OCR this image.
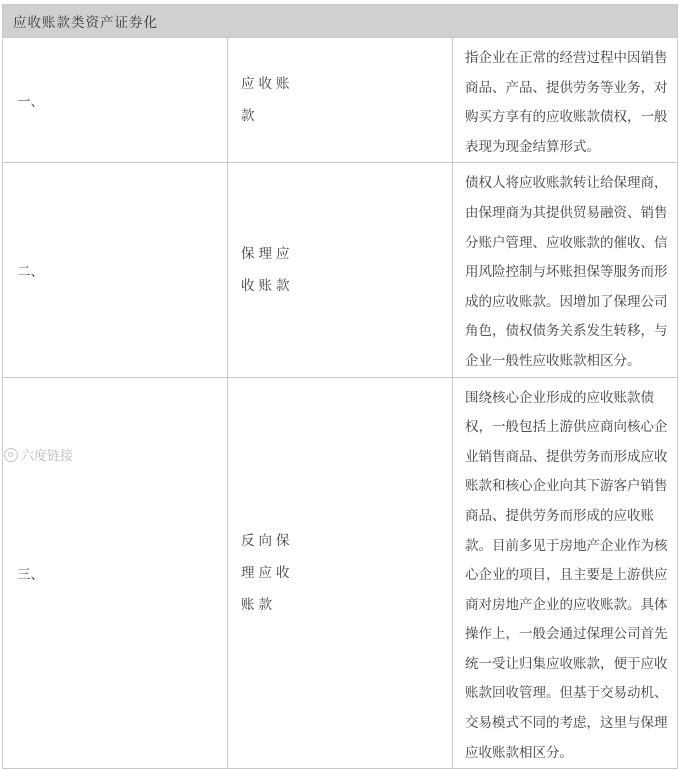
应收账款类资产证券化		
一、	应收账款	指企业在正常的经营过程中因销售商品、产品、提供劳务等业务，对购买方享有的应收账款债权，一般表现为现金结算形式。
二、	保理应收账款	债权人将应收账款转让给保理商，由保理商为其提供贸易融资、销售分账户管理、应收账款的催收、信用风险控制与坏账担保等服务而形成的应收账款。因增加了保理公司角色，债权债务关系发生转移，与企业一般性应收账款相区分。
三、	反向保理应收账款	围绕核心企业形成的应收账款债权，一般包括上游供应商向核心企业销售商品、提供劳务而形成应收账款和核心企业向其下游客户销售商品、提供劳务而形成的应收账款。目前多见于房地产企业作为核心企业的项目，且主要是上游供应商对房地产企业的应收账款。具体操作上，一般会通过保理公司首先统一受让归集应收账款，便于应收账款回收管理。但基于交易动机、交易模式不同的考虑，这里与保理应收账款相区分。
六度链接
